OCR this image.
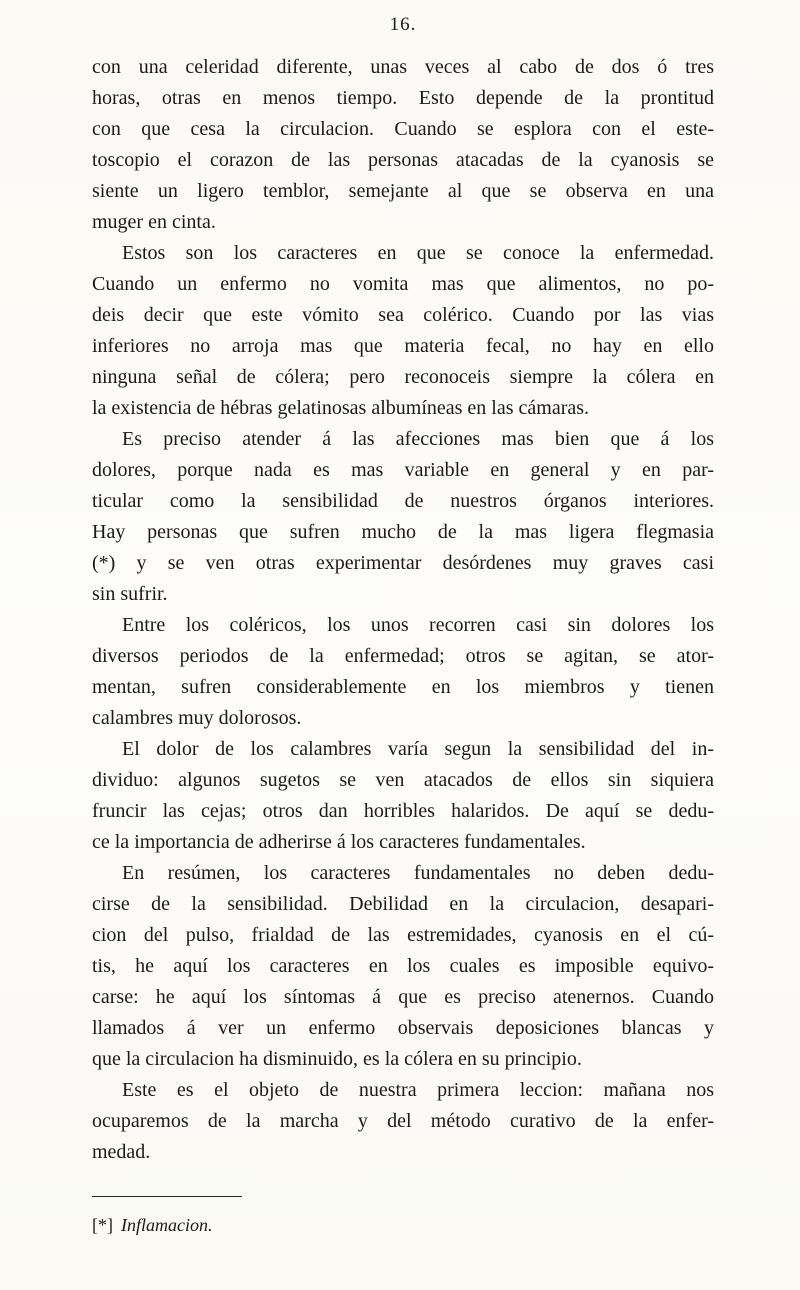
16.

con una celeridad diferente, unas veces al cabo de dos ó tres
horas, otras en menos tiempo. Esto depende de la prontitud
con que cesa la circulacion. Cuando se esplora con el este-
toscopio el corazon de las personas atacadas de la cyanosis se
siente un ligero temblor, semejante al que se observa en una
muger en cinta.

Estos son los caracteres en que se conoce la enfermedad.
Cuando un enfermo no vomita mas que alimentos, no po-
deis decir que este vómito sea colérico. Cuando por las vias
inferiores no arroja mas que materia fecal, no hay en ello
ninguna señal de cólera; pero reconoceis siempre la cólera en
la existencia de hébras gelatinosas albumíneas en las cámaras.

Es preciso atender á las afecciones mas bien que á los
dolores, porque nada es mas variable en general y en par-
ticular como la sensibilidad de nuestros órganos interiores.
Hay personas que sufren mucho de la mas ligera flegmasia
(*) y se ven otras experimentar desórdenes muy graves casi
sin sufrir.

Entre los coléricos, los unos recorren casi sin dolores los
diversos periodos de la enfermedad; otros se agitan, se ator-
mentan, sufren considerablemente en los miembros y tienen
calambres muy dolorosos.

El dolor de los calambres varía segun la sensibilidad del in-
dividuo: algunos sugetos se ven atacados de ellos sin siquiera
fruncir las cejas; otros dan horribles halaridos. De aquí se dedu-
ce la importancia de adherirse á los caracteres fundamentales.

En resúmen, los caracteres fundamentales no deben dedu-
cirse de la sensibilidad. Debilidad en la circulacion, desapari-
cion del pulso, frialdad de las estremidades, cyanosis en el cú-
tis, he aquí los caracteres en los cuales es imposible equivo-
carse: he aquí los síntomas á que es preciso atenernos. Cuando
llamados á ver un enfermo observais deposiciones blancas y
que la circulacion ha disminuido, es la cólera en su principio.

Este es el objeto de nuestra primera leccion: mañana nos
ocuparemos de la marcha y del método curativo de la enfer-
medad.

[*] Inflamacion.
